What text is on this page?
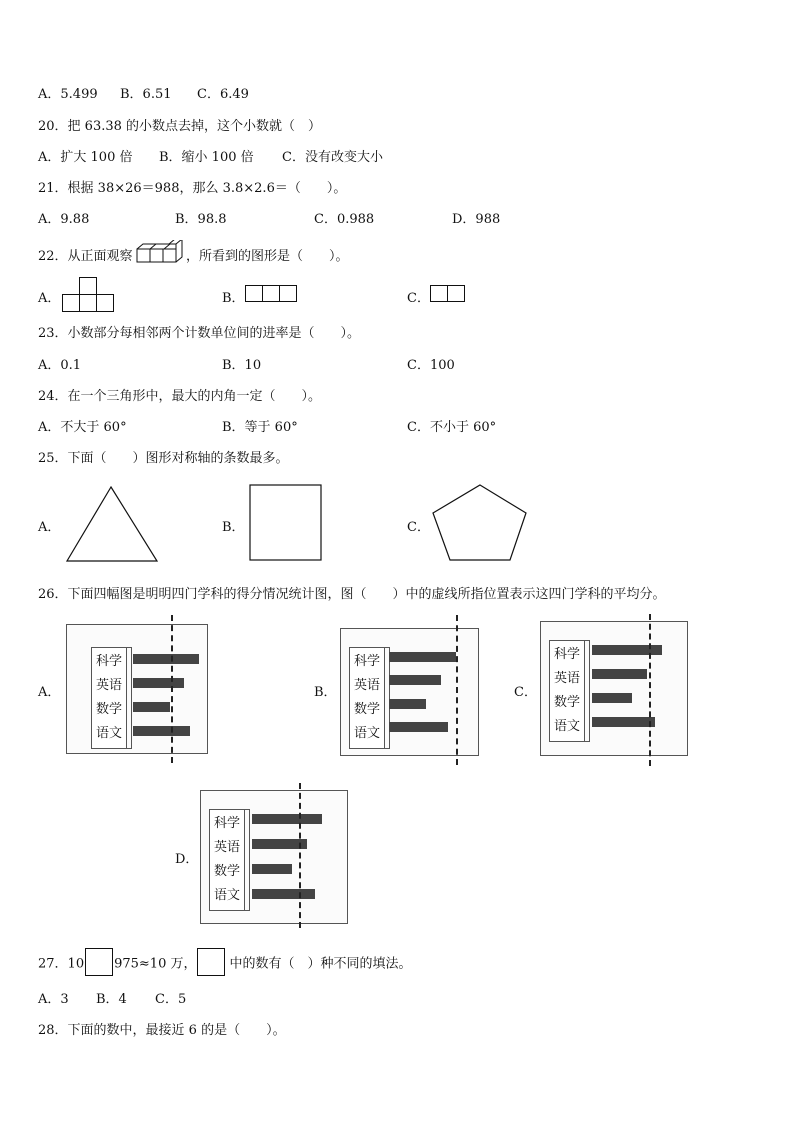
A．5.499 B．6.51 C．6.49
20．把 63.38 的小数点去掉，这个小数就（　）
A．扩大 100 倍 B．缩小 100 倍 C．没有改变大小
21．根据 38×26＝988，那么 3.8×2.6＝（　　）。
A．9.88	B．98.8	C．0.988	D．988
22．从正面观察	，所看到的图形是（　　）。
A．	B．	C．
23．小数部分每相邻两个计数单位间的进率是（　　）。
A．0.1	B．10	C．100
24．在一个三角形中，最大的内角一定（　　）。
A．不大于 60°	B．等于 60°	C．不小于 60°
25．下面（　　）图形对称轴的条数最多。
A．	B．	C．
26．下面四幅图是明明四门学科的得分情况统计图，图（　　）中的虚线所指位置表示这四门学科的平均分。
A．
科学
英语
数学
语文
B．
科学
英语
数学
语文
C．
科学
英语
数学
语文
D．
科学
英语
数学
语文
27．10 975≈10 万，	中的数有（　）种不同的填法。
A．3 B．4 C．5
28．下面的数中，最接近 6 的是（　　）。
